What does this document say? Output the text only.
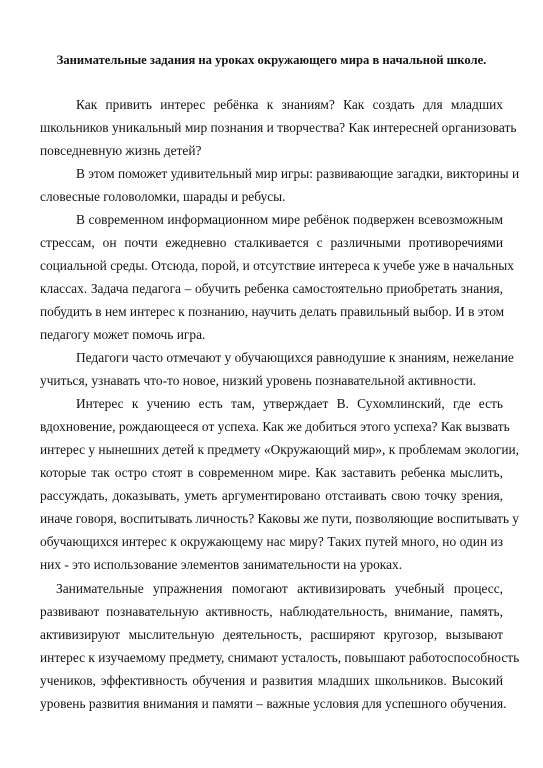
Занимательные задания на уроках окружающего мира в начальной школе.
Как привить интерес ребёнка к знаниям? Как создать для младших
школьников уникальный мир познания и творчества? Как интересней организовать
повседневную жизнь детей?
В этом поможет удивительный мир игры: развивающие загадки, викторины и
словесные головоломки, шарады и ребусы.
В современном информационном мире ребёнок подвержен всевозможным
стрессам, он почти ежедневно сталкивается с различными противоречиями
социальной среды. Отсюда, порой, и отсутствие интереса к учебе уже в начальных
классах. Задача педагога – обучить ребенка самостоятельно приобретать знания,
побудить в нем интерес к познанию, научить делать правильный выбор. И в этом
педагогу может помочь игра.
Педагоги часто отмечают у обучающихся равнодушие к знаниям, нежелание
учиться, узнавать что-то новое, низкий уровень познавательной активности.
Интерес к учению есть там, утверждает В. Сухомлинский, где есть
вдохновение, рождающееся от успеха. Как же добиться этого успеха? Как вызвать
интерес у нынешних детей к предмету «Окружающий мир», к проблемам экологии,
которые так остро стоят в современном мире. Как заставить ребенка мыслить,
рассуждать, доказывать, уметь аргументировано отстаивать свою точку зрения,
иначе говоря, воспитывать личность? Каковы же пути, позволяющие воспитывать у
обучающихся интерес к окружающему нас миру? Таких путей много, но один из
них - это использование элементов занимательности на уроках.
Занимательные упражнения помогают активизировать учебный процесс,
развивают познавательную активность, наблюдательность, внимание, память,
активизируют мыслительную деятельность, расширяют кругозор, вызывают
интерес к изучаемому предмету, снимают усталость, повышают работоспособность
учеников, эффективность обучения и развития младших школьников. Высокий
уровень развития внимания и памяти – важные условия для успешного обучения.
